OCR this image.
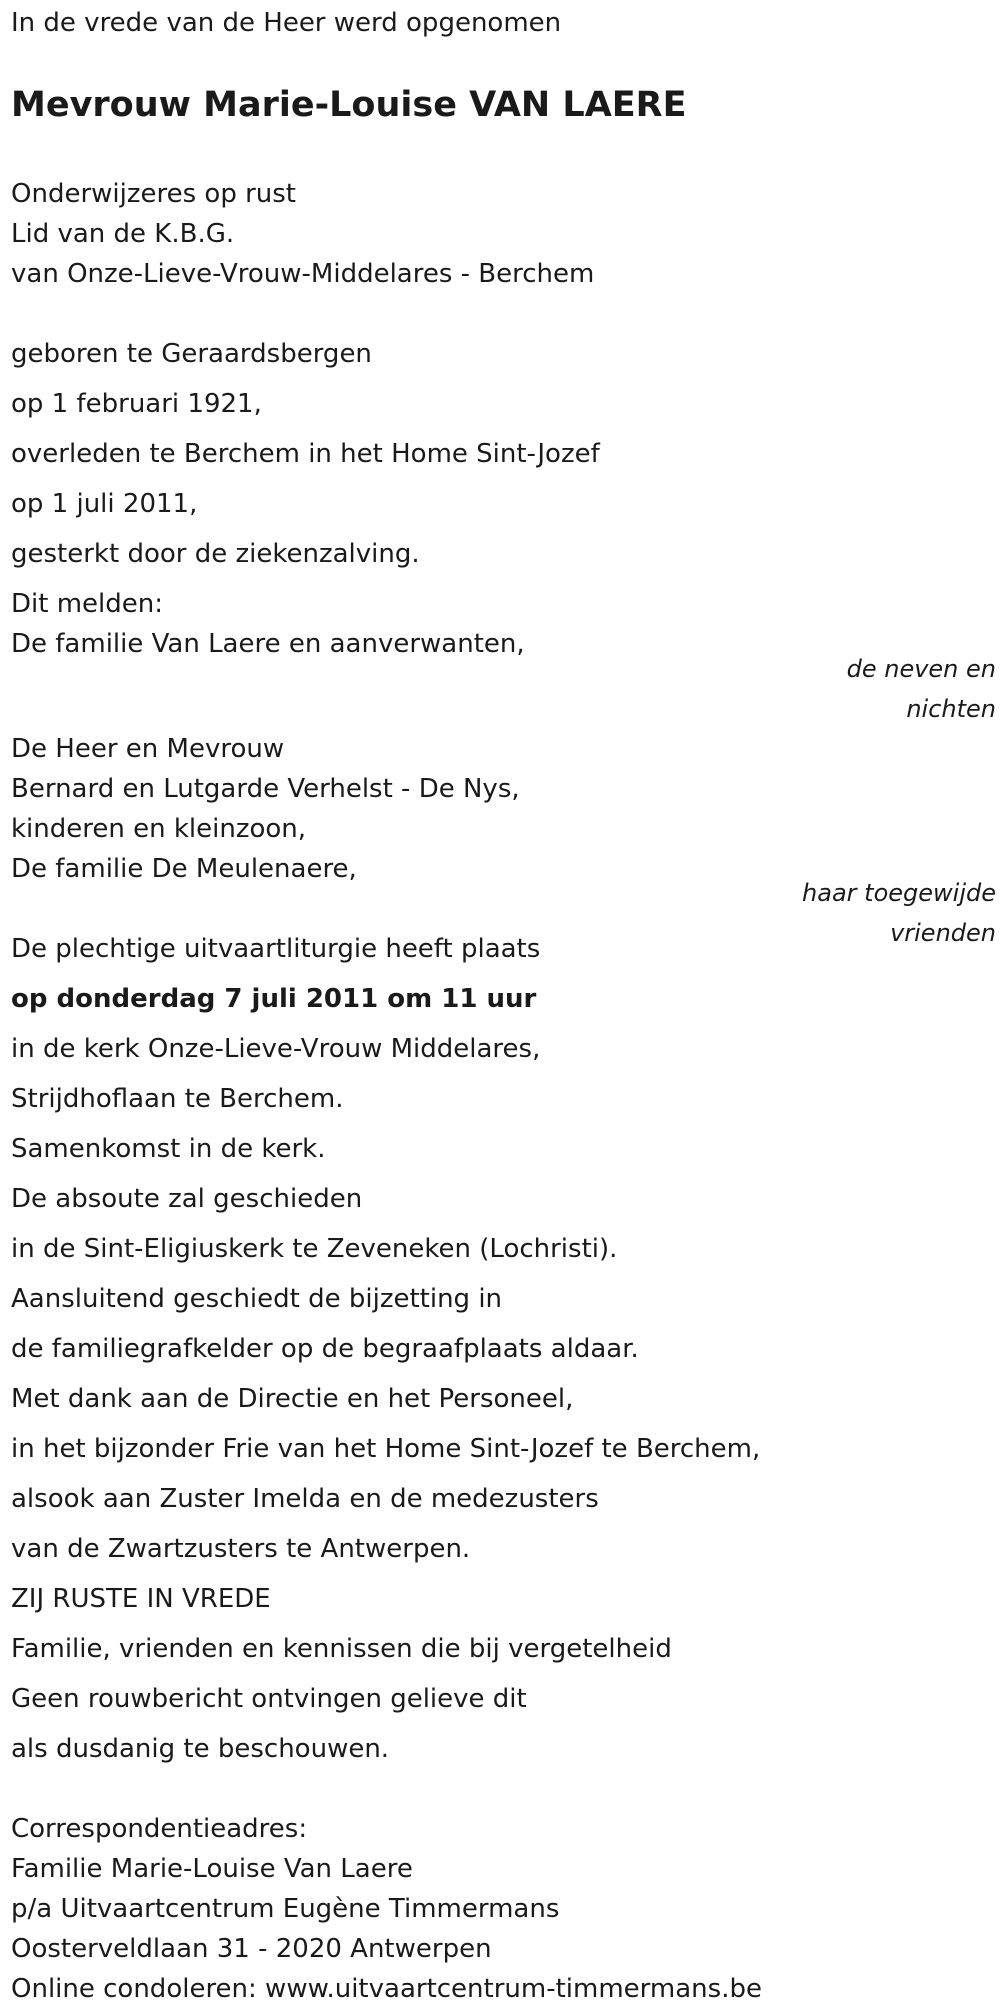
In de vrede van de Heer werd opgenomen
Mevrouw Marie-Louise VAN LAERE
Onderwijzeres op rust
Lid van de K.B.G.
van Onze-Lieve-Vrouw-Middelares - Berchem
geboren te Geraardsbergen
op 1 februari 1921,
overleden te Berchem in het Home Sint-Jozef
op 1 juli 2011,
gesterkt door de ziekenzalving.
Dit melden:
De familie Van Laere en aanverwanten,
de neven en
nichten
De Heer en Mevrouw
Bernard en Lutgarde Verhelst - De Nys,
kinderen en kleinzoon,
De familie De Meulenaere,
haar toegewijde
vrienden
De plechtige uitvaartliturgie heeft plaats
op donderdag 7 juli 2011 om 11 uur
in de kerk Onze-Lieve-Vrouw Middelares,
Strijdhoflaan te Berchem.
Samenkomst in de kerk.
De absoute zal geschieden
in de Sint-Eligiuskerk te Zeveneken (Lochristi).
Aansluitend geschiedt de bijzetting in
de familiegrafkelder op de begraafplaats aldaar.
Met dank aan de Directie en het Personeel,
in het bijzonder Frie van het Home Sint-Jozef te Berchem,
alsook aan Zuster Imelda en de medezusters
van de Zwartzusters te Antwerpen.
ZIJ RUSTE IN VREDE
Familie, vrienden en kennissen die bij vergetelheid
Geen rouwbericht ontvingen gelieve dit
als dusdanig te beschouwen.
Correspondentieadres:
Familie Marie-Louise Van Laere
p/a Uitvaartcentrum Eugène Timmermans
Oosterveldlaan 31 - 2020 Antwerpen
Online condoleren: www.uitvaartcentrum-timmermans.be
